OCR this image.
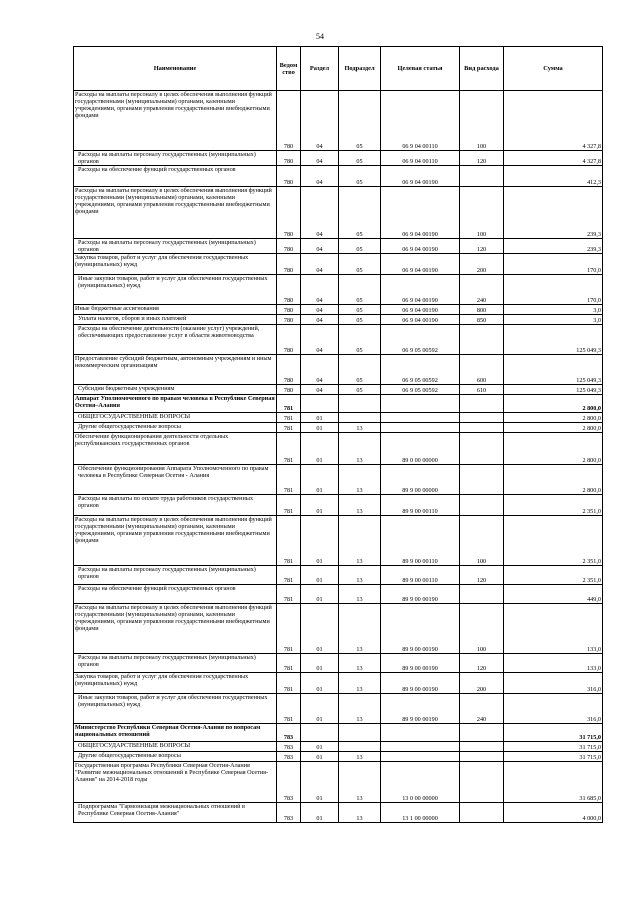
54
Наименование	Ведом ство	Раздел	Подраздел	Целевая статья	Вид расхода	Сумма
Расходы на выплаты персоналу в целях обеспечения выполнения функций государственными (муниципальными) органами, казенными учреждениями, органами управления государственными внебюджетными фондами	780	04	05	06 9 04 00110	100	4 327,8
Расходы на выплаты персоналу государственных (муниципальных) органов	780	04	05	06 9 04 00110	120	4 327,8
Расходы на обеспечение функций государственных органов	780	04	05	06 9 04 00190		412,3
Расходы на выплаты персоналу в целях обеспечения выполнения функций государственными (муниципальными) органами, казенными учреждениями, органами управления государственными внебюджетными фондами	780	04	05	06 9 04 00190	100	239,3
Расходы на выплаты персоналу государственных (муниципальных) органов	780	04	05	06 9 04 00190	120	239,3
Закупка товаров, работ и услуг для обеспечения государственных (муниципальных) нужд	780	04	05	06 9 04 00190	200	170,0
Иные закупки товаров, работ и услуг для обеспечения государственных (муниципальных) нужд	780	04	05	06 9 04 00190	240	170,0
Иные бюджетные ассигнования	780	04	05	06 9 04 00190	800	3,0
Уплата налогов, сборов и иных платежей	780	04	05	06 9 04 00190	850	3,0
Расходы на обеспечение деятельности (оказание услуг) учреждений, обеспечивающих предоставление услуг в области животноводства	780	04	05	06 9 05 00592		125 049,3
Предоставление субсидий бюджетным, автономным учреждениям и иным некоммерческим организациям	780	04	05	06 9 05 00592	600	125 049,3
Субсидии бюджетным учреждениям	780	04	05	06 9 05 00592	610	125 049,3
Аппарат Уполномоченного по правам человека в Республике Северная Осетия–Алания	781					2 800,0
ОБЩЕГОСУДАРСТВЕННЫЕ ВОПРОСЫ	781	01				2 800,0
Другие общегосударственные вопросы	781	01	13			2 800,0
Обеспечение функционирования деятельности отдельных республиканских государственных органов	781	01	13	89 0 00 00000		2 800,0
Обеспечение функционирования Аппарата Уполномоченного по правам человека в Республике Северная Осетия - Алания	781	01	13	89 9 00 00000		2 800,0
Расходы на выплаты по оплате труда работников государственных органов	781	01	13	89 9 00 00110		2 351,0
Расходы на выплаты персоналу в целях обеспечения выполнения функций государственными (муниципальными) органами, казенными учреждениями, органами управления государственными внебюджетными фондами	781	01	13	89 9 00 00110	100	2 351,0
Расходы на выплаты персоналу государственных (муниципальных) органов	781	01	13	89 9 00 00110	120	2 351,0
Расходы на обеспечение функций государственных органов	781	01	13	89 9 00 00190		449,0
Расходы на выплаты персоналу в целях обеспечения выполнения функций государственными (муниципальными) органами, казенными учреждениями, органами управления государственными внебюджетными фондами	781	01	13	89 9 00 00190	100	133,0
Расходы на выплаты персоналу государственных (муниципальных) органов	781	01	13	89 9 00 00190	120	133,0
Закупка товаров, работ и услуг для обеспечения государственных (муниципальных) нужд	781	01	13	89 9 00 00190	200	316,0
Иные закупки товаров, работ и услуг для обеспечения государственных (муниципальных) нужд	781	01	13	89 9 00 00190	240	316,0
Министерство Республики Северная Осетия-Алания по вопросам национальных отношений	783					31 715,0
ОБЩЕГОСУДАРСТВЕННЫЕ ВОПРОСЫ	783	01				31 715,0
Другие общегосударственные вопросы	783	01	13			31 715,0
Государственная программа Республики Северная Осетия-Алания "Развитие межнациональных отношений в Республике Северная Осетия-Алания" на 2014-2018 годы	783	01	13	13 0 00 00000		31 685,0
Подпрограмма "Гармонизация межнациональных отношений в Республике Северная Осетия-Алания"	783	01	13	13 1 00 00000		4 000,0
